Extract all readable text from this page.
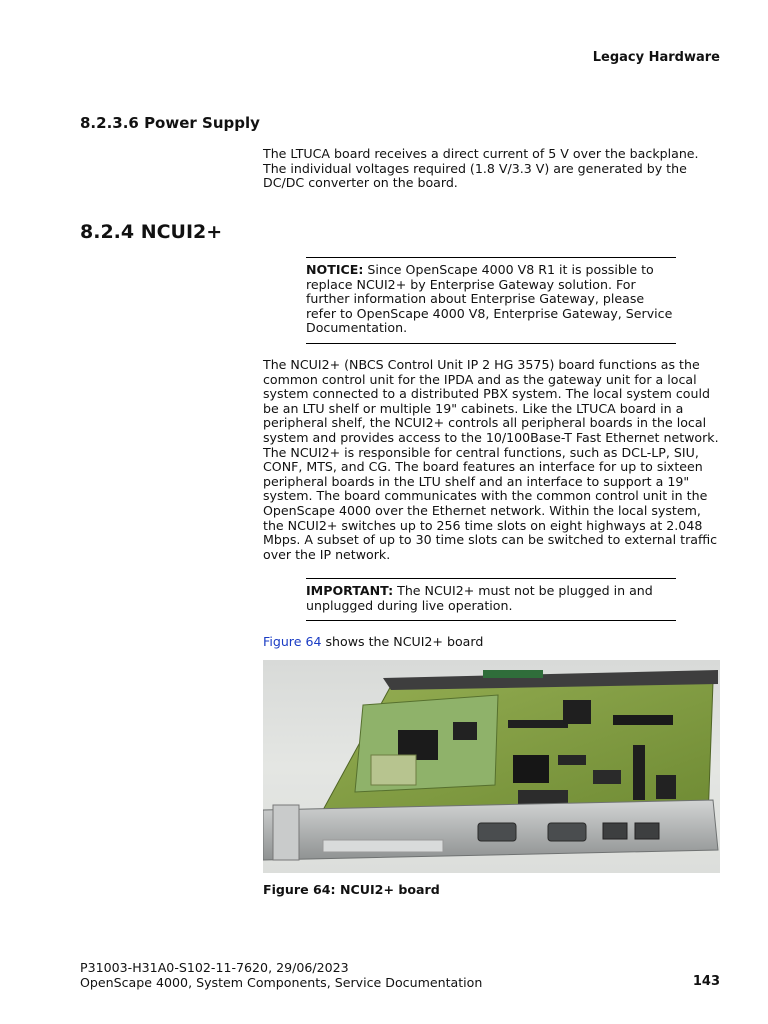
Legacy Hardware
8.2.3.6 Power Supply
The LTUCA board receives a direct current of 5 V over the backplane. The individual voltages required (1.8 V/3.3 V) are generated by the DC/DC converter on the board.
8.2.4 NCUI2+
NOTICE: Since OpenScape 4000 V8 R1 it is possible to replace NCUI2+ by Enterprise Gateway solution. For further information about Enterprise Gateway, please refer to OpenScape 4000 V8, Enterprise Gateway, Service Documentation.
The NCUI2+ (NBCS Control Unit IP 2 HG 3575) board functions as the common control unit for the IPDA and as the gateway unit for a local system connected to a distributed PBX system. The local system could be an LTU shelf or multiple 19" cabinets. Like the LTUCA board in a peripheral shelf, the NCUI2+ controls all peripheral boards in the local system and provides access to the 10/100Base-T Fast Ethernet network. The NCUI2+ is responsible for central functions, such as DCL-LP, SIU, CONF, MTS, and CG. The board features an interface for up to sixteen peripheral boards in the LTU shelf and an interface to support a 19" system. The board communicates with the common control unit in the OpenScape 4000 over the Ethernet network. Within the local system, the NCUI2+ switches up to 256 time slots on eight highways at 2.048 Mbps. A subset of up to 30 time slots can be switched to external traffic over the IP network.
IMPORTANT: The NCUI2+ must not be plugged in and unplugged during live operation.
Figure 64 shows the NCUI2+ board
Figure 64: NCUI2+ board
P31003-H31A0-S102-11-7620, 29/06/2023
OpenScape 4000, System Components, Service Documentation	143
